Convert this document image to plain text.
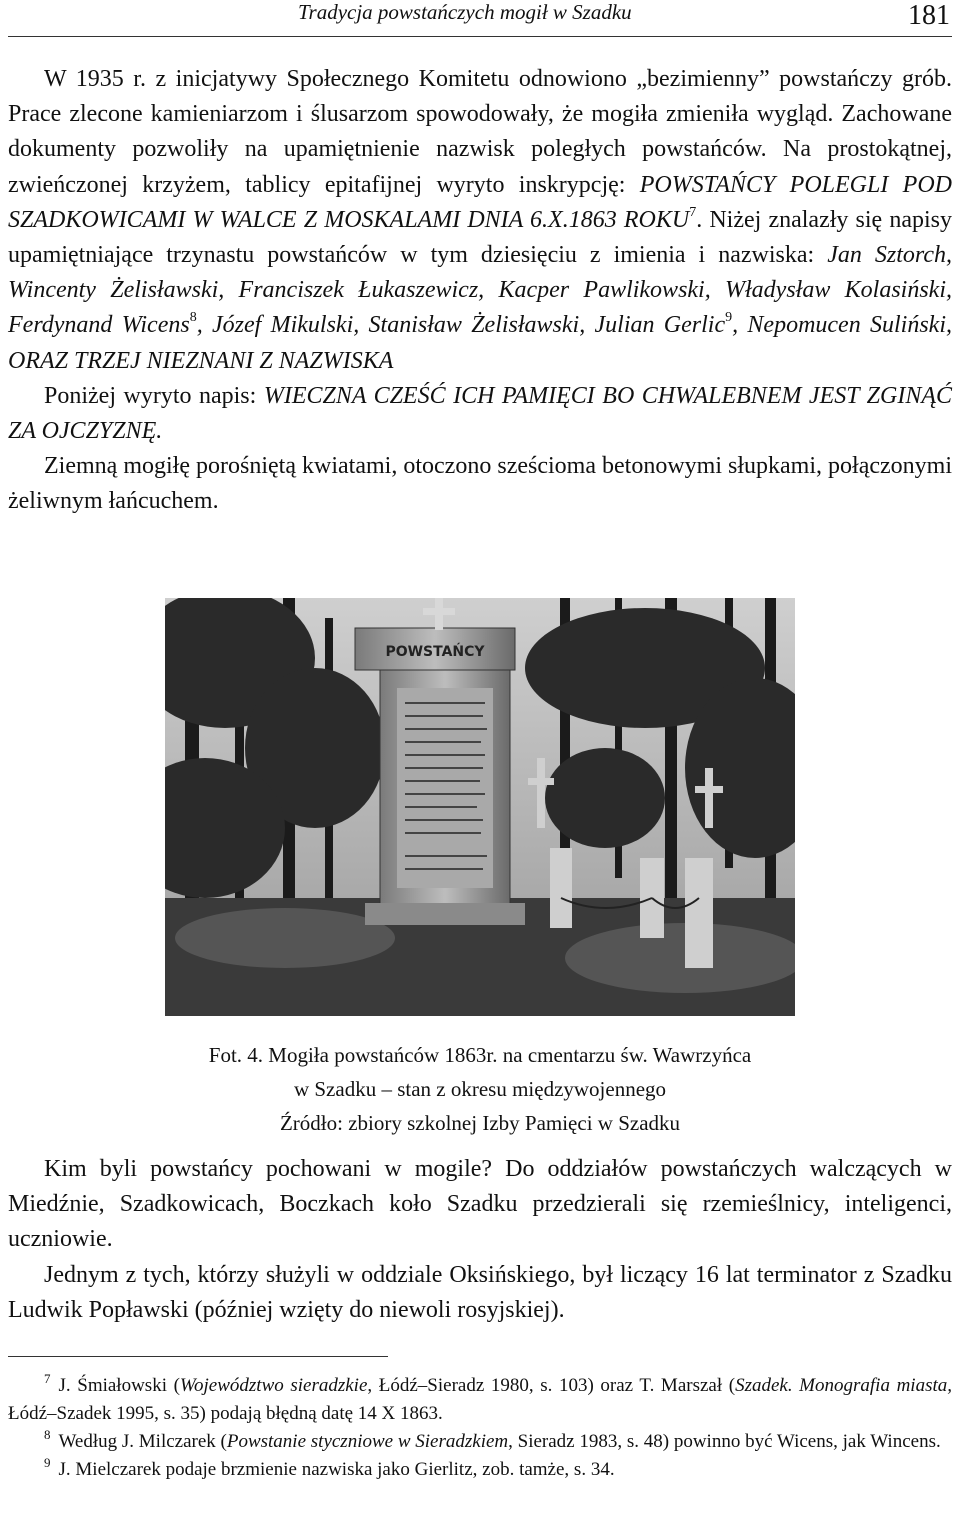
Tradycja powstańczych mogił w Szadku	181

W 1935 r. z inicjatywy Społecznego Komitetu odnowiono „bezimienny” powstańczy grób. Prace zlecone kamieniarzom i ślusarzom spowodowały, że mogiła zmieniła wygląd. Zachowane dokumenty pozwoliły na upamiętnienie nazwisk poległych powstańców. Na prostokątnej, zwieńczonej krzyżem, tablicy epitafijnej wyryto inskrypcję: POWSTAŃCY POLEGLI POD SZADKOWICAMI W WALCE Z MOSKALAMI DNIA 6.X.1863 ROKU$^7$. Niżej znalazły się napisy upamiętniające trzynastu powstańców w tym dziesięciu z imienia i nazwiska: Jan Sztorch, Wincenty Żelisławski, Franciszek Łukaszewicz, Kacper Pawlikowski, Władysław Kolasiński, Ferdynand Wicens$^8$, Józef Mikulski, Stanisław Żelisławski, Julian Gerlic$^9$, Nepomucen Suliński, ORAZ TRZEJ NIEZNANI Z NAZWISKA

Poniżej wyryto napis: WIECZNA CZEŚĆ ICH PAMIĘCI BO CHWALEBNEM JEST ZGINĄĆ ZA OJCZYZNĘ.

Ziemną mogiłę porośniętą kwiatami, otoczono sześcioma betonowymi słupkami, połączonymi żeliwnym łańcuchem.

POWSTAŃCY
Fot. 4. Mogiła powstańców 1863r. na cmentarzu św. Wawrzyńca
w Szadku – stan z okresu międzywojennego
Źródło: zbiory szkolnej Izby Pamięci w Szadku

Kim byli powstańcy pochowani w mogile? Do oddziałów powstańczych walczących w Miedźnie, Szadkowicach, Boczkach koło Szadku przedzierali się rzemieślnicy, inteligenci, uczniowie.

Jednym z tych, którzy służyli w oddziale Oksińskiego, był liczący 16 lat terminator z Szadku Ludwik Popławski (później wzięty do niewoli rosyjskiej).

$^7$ J. Śmiałowski (Województwo sieradzkie, Łódź–Sieradz 1980, s. 103) oraz T. Marszał (Szadek. Monografia miasta, Łódź–Szadek 1995, s. 35) podają błędną datę 14 X 1863.

$^8$ Według J. Milczarek (Powstanie styczniowe w Sieradzkiem, Sieradz 1983, s. 48) powinno być Wicens, jak Wincens.

$^9$ J. Mielczarek podaje brzmienie nazwiska jako Gierlitz, zob. tamże, s. 34.
